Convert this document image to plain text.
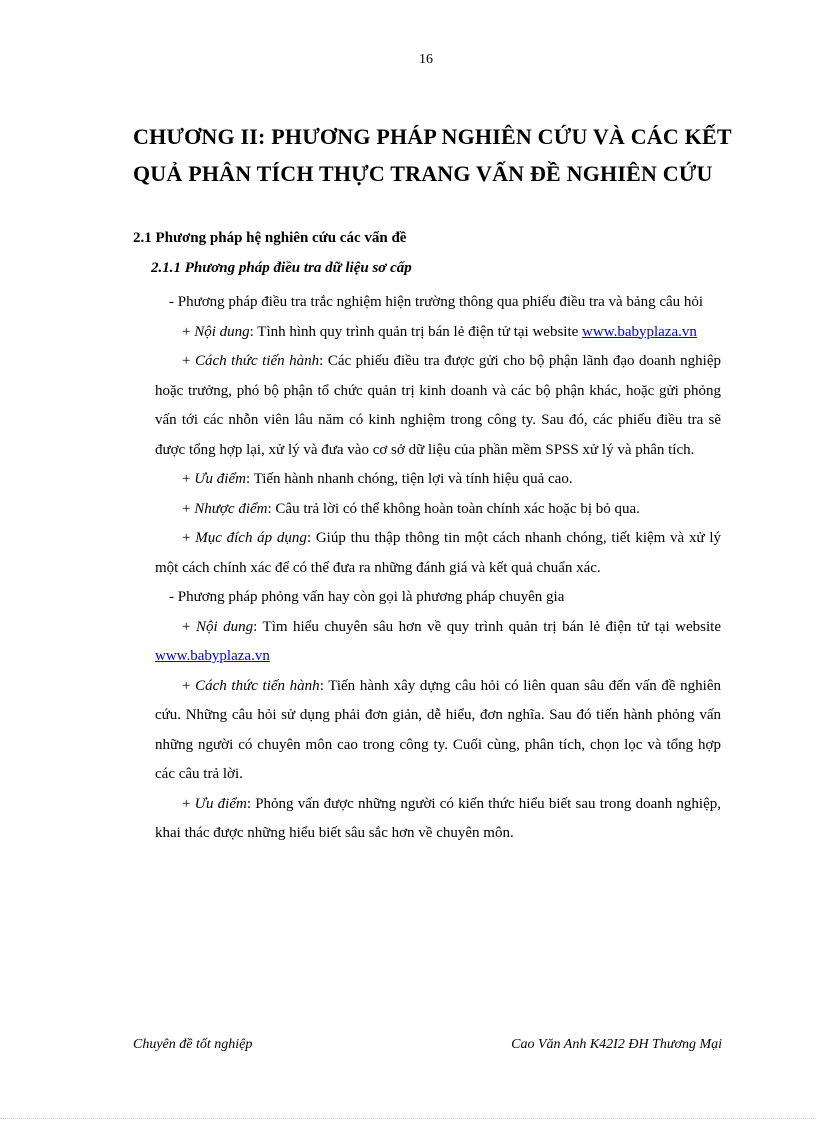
16
CHƯƠNG II: PHƯƠNG PHÁP NGHIÊN CỨU VÀ CÁC KẾT QUẢ PHÂN TÍCH THỰC TRANG VẤN ĐỀ NGHIÊN CỨU
2.1 Phương pháp hệ nghiên cứu các vấn đề
2.1.1 Phương pháp điều tra dữ liệu sơ cấp

- Phương pháp điều tra trắc nghiệm hiện trường thông qua phiếu điều tra và bảng câu hỏi

+ Nội dung: Tình hình quy trình quản trị bán lẻ điện tử tại website www.babyplaza.vn

+ Cách thức tiến hành: Các phiếu điều tra được gửi cho bộ phận lãnh đạo doanh nghiệp hoặc trưởng, phó bộ phận tổ chức quản trị kinh doanh và các bộ phận khác, hoặc gửi phỏng vấn tới các nhỗn viên lâu năm có kinh nghiệm trong công ty. Sau đó, các phiếu điều tra sẽ được tổng hợp lại, xử lý và đưa vào cơ sở dữ liệu của phần mềm SPSS xử lý và phân tích.

+ Ưu điểm: Tiến hành nhanh chóng, tiện lợi và tính hiệu quả cao.

+ Nhược điểm: Câu trả lời có thể không hoàn toàn chính xác hoặc bị bỏ qua.

+ Mục đích áp dụng: Giúp thu thập thông tin một cách nhanh chóng, tiết kiệm và xử lý một cách chính xác để có thể đưa ra những đánh giá và kết quả chuẩn xác.

- Phương pháp phỏng vấn hay còn gọi là phương pháp chuyên gia

+ Nội dung: Tìm hiểu chuyên sâu hơn về quy trình quản trị bán lẻ điện tử tại website www.babyplaza.vn

+ Cách thức tiến hành: Tiến hành xây dựng câu hỏi có liên quan sâu đến vấn đề nghiên cứu. Những câu hỏi sử dụng phải đơn giản, dễ hiểu, đơn nghĩa. Sau đó tiến hành phỏng vấn những người có chuyên môn cao trong công ty. Cuối cùng, phân tích, chọn lọc và tổng hợp các câu trả lời.

+ Ưu điểm: Phỏng vấn được những người có kiến thức hiểu biết sau trong doanh nghiệp, khai thác được những hiểu biết sâu sắc hơn về chuyên môn.

Chuyên đề tốt nghiệp	Cao Văn Anh K42I2 ĐH Thương Mại
